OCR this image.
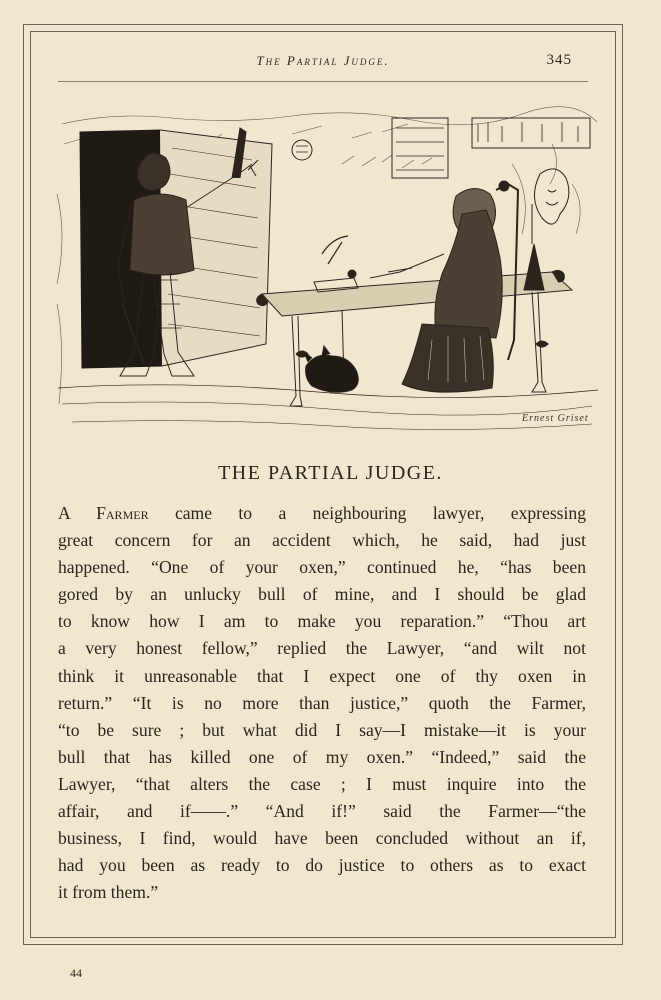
The Partial Judge.	345
Ernest Griset
THE PARTIAL JUDGE.

A Farmer came to a neighbouring lawyer, expressing
great concern for an accident which, he said, had just
happened. “One of your oxen,” continued he, “has been
gored by an unlucky bull of mine, and I should be glad
to know how I am to make you reparation.” “Thou art
a very honest fellow,” replied the Lawyer, “and wilt not
think it unreasonable that I expect one of thy oxen in
return.” “It is no more than justice,” quoth the Farmer,
“to be sure ; but what did I say—I mistake—it is your
bull that has killed one of my oxen.” “Indeed,” said the
Lawyer, “that alters the case ; I must inquire into the
affair, and if——.” “And if!” said the Farmer—“the
business, I find, would have been concluded without an if,
had you been as ready to do justice to others as to exact
it from them.”

44
